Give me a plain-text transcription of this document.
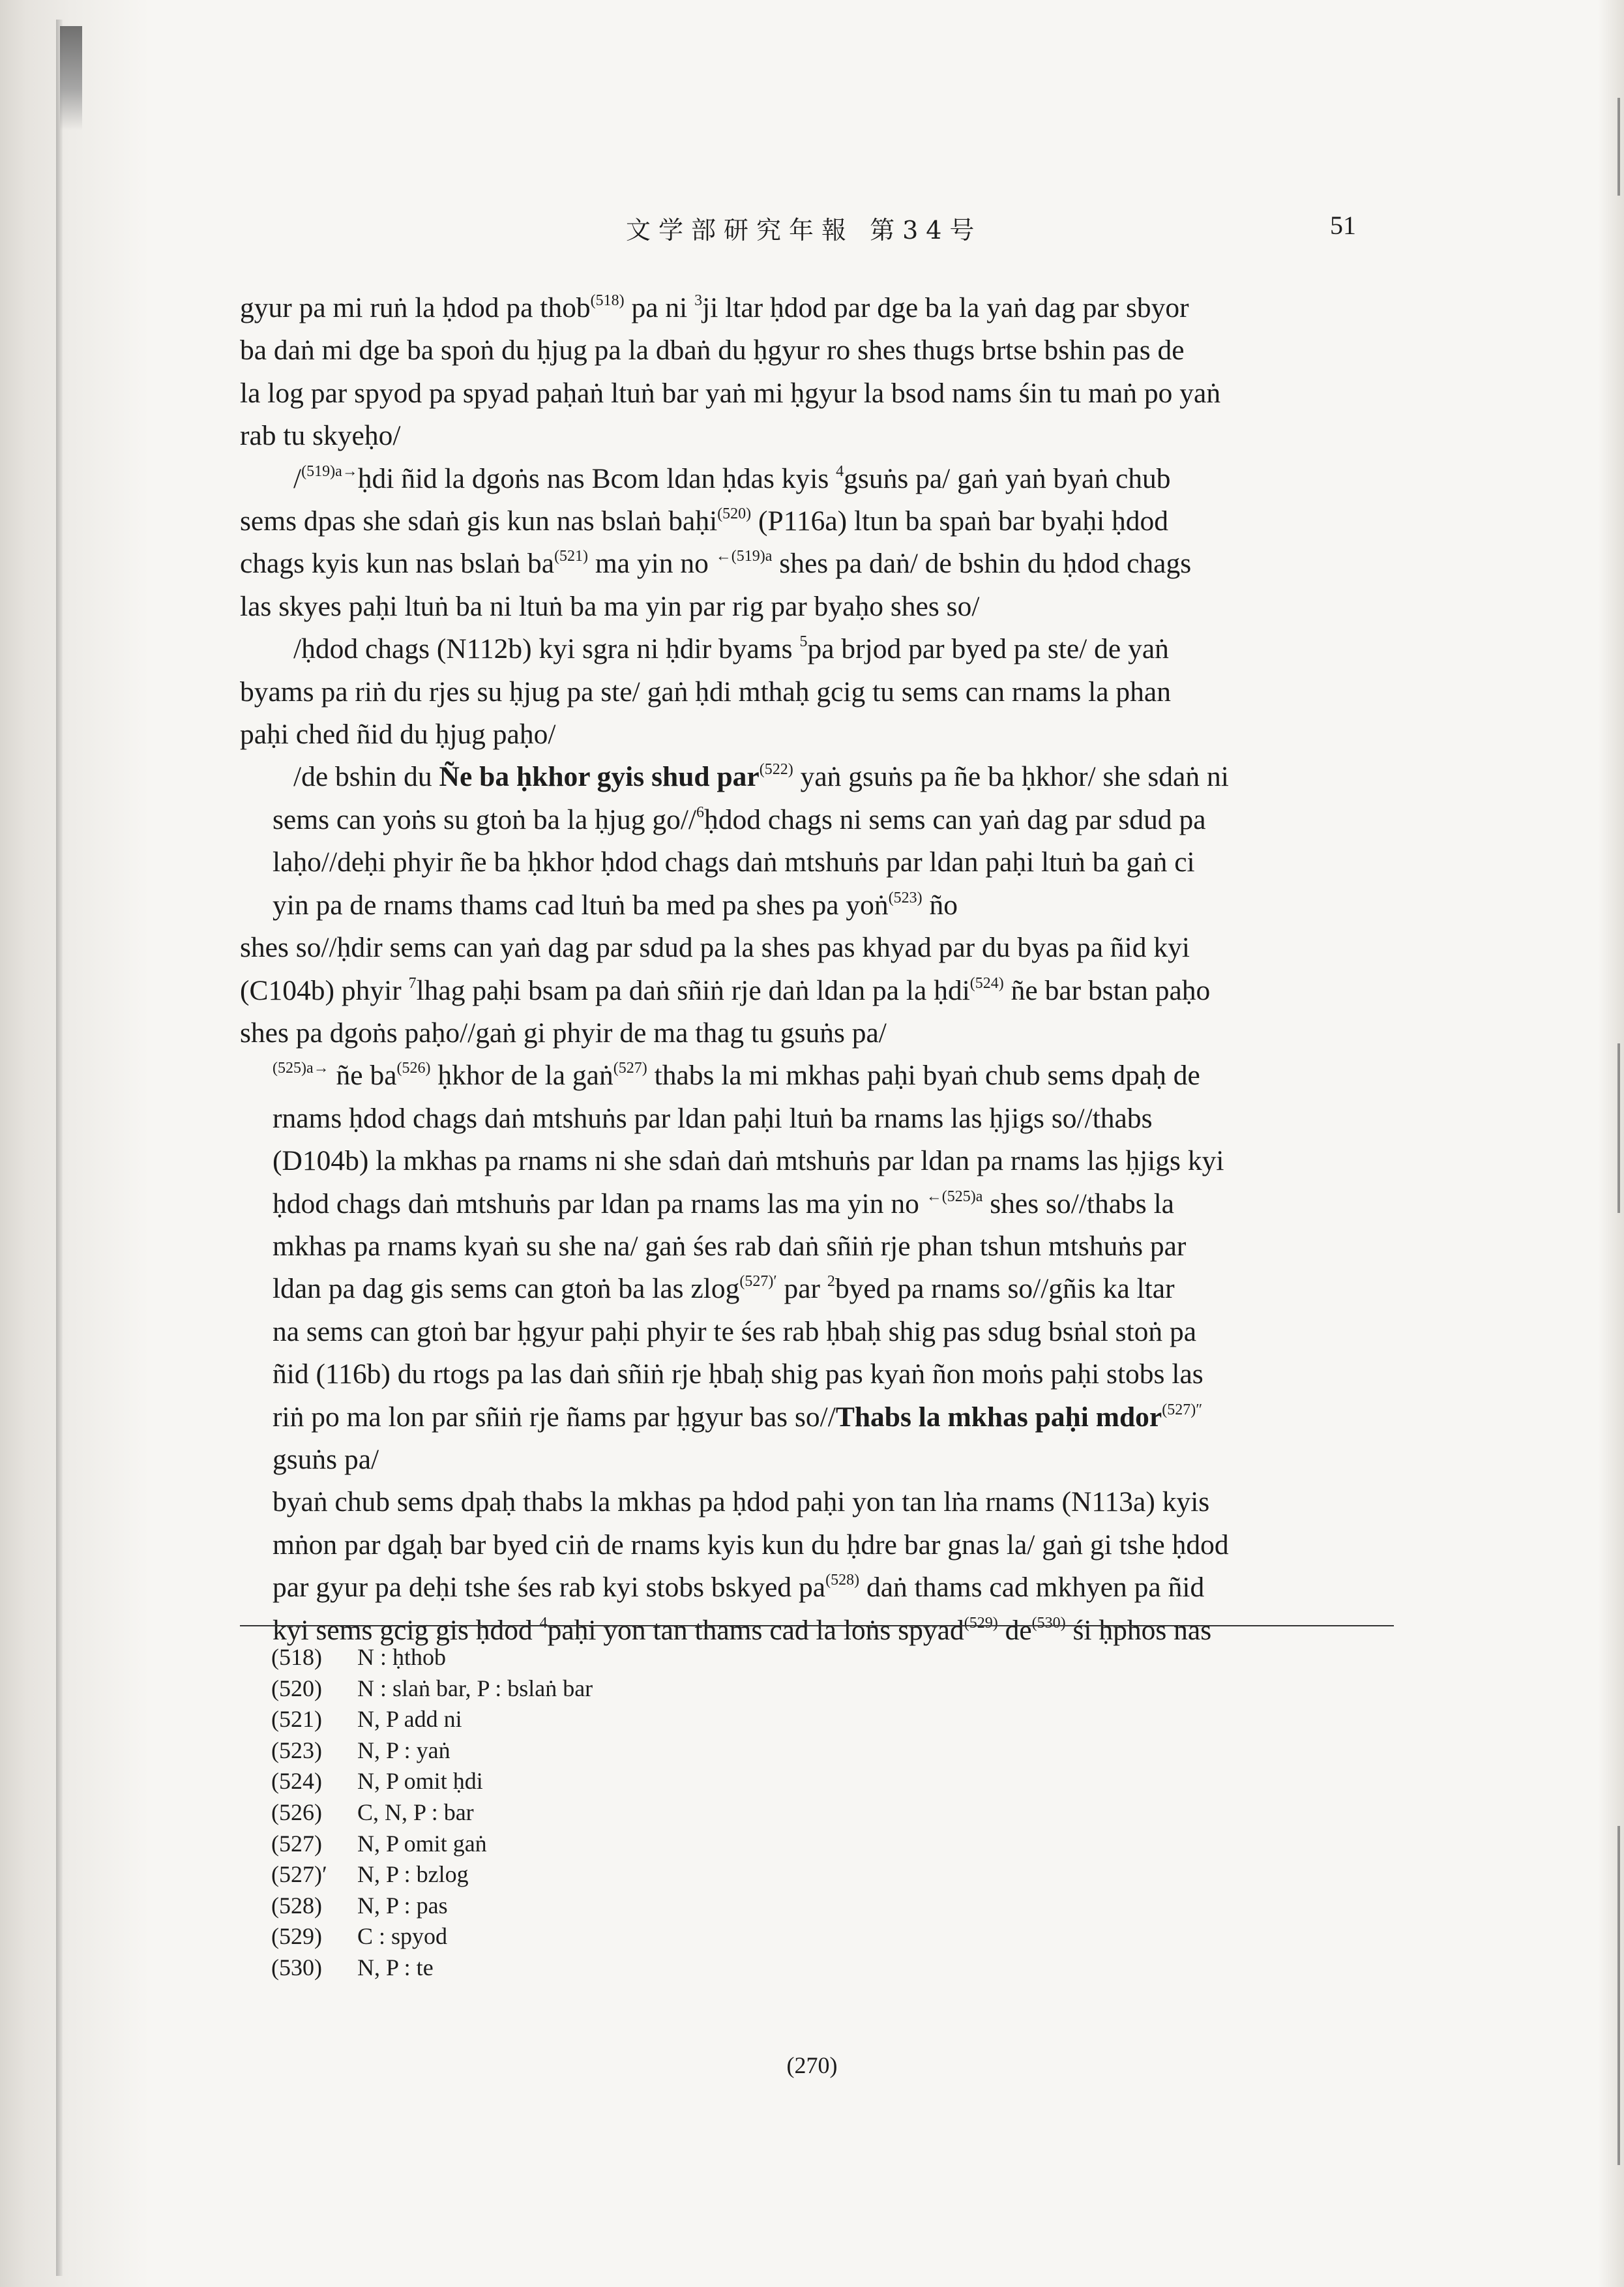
文学部研究年報 第34号	51

gyur pa mi ruṅ la ḥdod pa thob$^{(518)}$ pa ni $^3$ji ltar ḥdod par dge ba la yaṅ dag par sbyor
ba daṅ mi dge ba spoṅ du ḥjug pa la dbaṅ du ḥgyur ro shes thugs brtse bshin pas de
la log par spyod pa spyad paḥaṅ ltuṅ bar yaṅ mi ḥgyur la bsod nams śin tu maṅ po yaṅ
rab tu skyeḥo/

/$^{(519)a\to}$ḥdi ñid la dgoṅs nas Bcom ldan ḥdas kyis $^4$gsuṅs pa/ gaṅ yaṅ byaṅ chub
sems dpas she sdaṅ gis kun nas bslaṅ baḥi$^{(520)}$ (P116a) ltun ba spaṅ bar byaḥi ḥdod
chags kyis kun nas bslaṅ $ba^{(521)}$ ma yin no $^{\leftarrow(519)a}$ shes pa daṅ/ de bshin du ḥdod chags
las skyes paḥi ltuṅ ba ni ltuṅ ba ma yin par rig par byaḥo shes so/

/ḥdod chags (N112b) kyi sgra ni ḥdir byams $^5$pa brjod par byed pa ste/ de yaṅ
byams pa riṅ du rjes su ḥjug pa ste/ gaṅ ḥdi mthaḥ gcig tu sems can rnams la phan
paḥi ched ñid du ḥjug paḥo/

/de bshin du Ñe ba ḥkhor gyis shud par$^{(522)}$ yaṅ gsuṅs pa ñe ba ḥkhor/ she sdaṅ ni

sems can yoṅs su gtoṅ ba la ḥjug go//$^6$ḥdod chags ni sems can yaṅ dag par sdud pa
laḥo//deḥi phyir ñe ba ḥkhor ḥdod chags daṅ mtshuṅs par ldan paḥi ltuṅ ba gaṅ ci
yin pa de rnams thams cad ltuṅ ba med pa shes pa yoṅ$^{(523)}$ ño

shes so//ḥdir sems can yaṅ dag par sdud pa la shes pas khyad par du byas pa ñid kyi
(C104b) phyir $^7$lhag paḥi bsam pa daṅ sñiṅ rje daṅ ldan pa la ḥdi$^{(524)}$ ñe bar bstan paḥo
shes pa dgoṅs paḥo//gaṅ gi phyir de ma thag tu gsuṅs pa/

$^{(525)a\to}$ ñe $ba^{(526)}$ ḥkhor de la gaṅ$^{(527)}$ thabs la mi mkhas paḥi byaṅ chub sems dpaḥ de
rnams ḥdod chags daṅ mtshuṅs par ldan paḥi ltuṅ ba rnams las ḥjigs so//thabs
(D104b) la mkhas pa rnams ni she sdaṅ daṅ mtshuṅs par ldan pa rnams las ḥjigs kyi
ḥdod chags daṅ mtshuṅs par ldan pa rnams las ma yin no $^{\leftarrow(525)a}$ shes so//thabs la
mkhas pa rnams kyaṅ su she na/ gaṅ śes rab daṅ sñiṅ rje phan tshun mtshuṅs par
ldan pa dag gis sems can gtoṅ ba las zlog$^{(527)'}$ par $^2$byed pa rnams so//gñis ka ltar
na sems can gtoṅ bar ḥgyur paḥi phyir te śes rab ḥbaḥ shig pas sdug bsṅal stoṅ pa
ñid (116b) du rtogs pa las daṅ sñiṅ rje ḥbaḥ shig pas kyaṅ ñon moṅs paḥi stobs las
riṅ po ma lon par sñiṅ rje ñams par ḥgyur bas so//Thabs la mkhas paḥi mdor$^{(527)''}$
gsuṅs pa/

byaṅ chub sems dpaḥ thabs la mkhas pa ḥdod paḥi yon tan lṅa rnams (N113a) kyis
mṅon par dgaḥ bar byed ciṅ de rnams kyis kun du ḥdre bar gnas la/ gaṅ gi tshe ḥdod
par gyur pa deḥi tshe śes rab kyi stobs bskyed $pa^{(528)}$ daṅ thams cad mkhyen pa ñid
kyi sems gcig gis ḥdod $^4$paḥi yon tan thams cad la loṅs spyad$^{(529)}$ $de^{(530)}$ śi ḥphos nas

(518)	N : ḥthob
(520)	N : slaṅ bar, P : bslaṅ bar
(521)	N, P add ni
(523)	N, P : yaṅ
(524)	N, P omit ḥdi
(526)	C, N, P : bar
(527)	N, P omit gaṅ
(527)′	N, P : bzlog
(528)	N, P : pas
(529)	C : spyod
(530)	N, P : te
(270)
